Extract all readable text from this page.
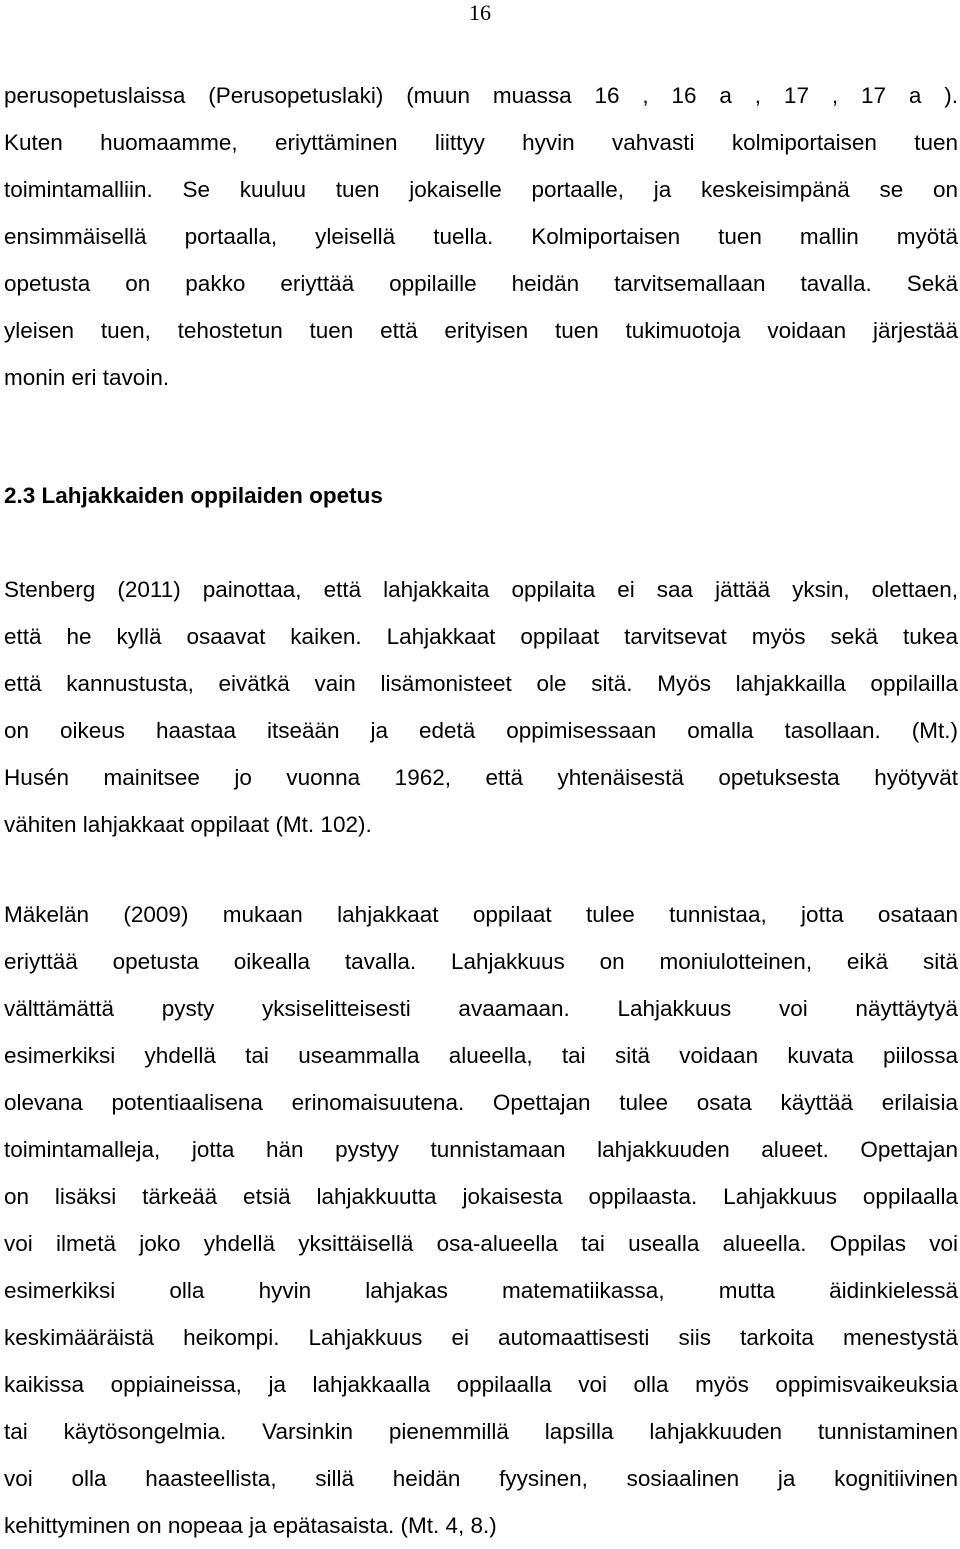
16
perusopetuslaissa (Perusopetuslaki) (muun muassa 16 , 16 a , 17 , 17 a ).
Kuten huomaamme, eriyttäminen liittyy hyvin vahvasti kolmiportaisen tuen
toimintamalliin. Se kuuluu tuen jokaiselle portaalle, ja keskeisimpänä se on
ensimmäisellä portaalla, yleisellä tuella. Kolmiportaisen tuen mallin myötä
opetusta on pakko eriyttää oppilaille heidän tarvitsemallaan tavalla. Sekä
yleisen tuen, tehostetun tuen että erityisen tuen tukimuotoja voidaan järjestää
monin eri tavoin.
2.3 Lahjakkaiden oppilaiden opetus
Stenberg (2011) painottaa, että lahjakkaita oppilaita ei saa jättää yksin, olettaen,
että he kyllä osaavat kaiken. Lahjakkaat oppilaat tarvitsevat myös sekä tukea
että kannustusta, eivätkä vain lisämonisteet ole sitä. Myös lahjakkailla oppilailla
on oikeus haastaa itseään ja edetä oppimisessaan omalla tasollaan. (Mt.)
Husén mainitsee jo vuonna 1962, että yhtenäisestä opetuksesta hyötyvät
vähiten lahjakkaat oppilaat (Mt. 102).
Mäkelän (2009) mukaan lahjakkaat oppilaat tulee tunnistaa, jotta osataan
eriyttää opetusta oikealla tavalla. Lahjakkuus on moniulotteinen, eikä sitä
välttämättä pysty yksiselitteisesti avaamaan. Lahjakkuus voi näyttäytyä
esimerkiksi yhdellä tai useammalla alueella, tai sitä voidaan kuvata piilossa
olevana potentiaalisena erinomaisuutena. Opettajan tulee osata käyttää erilaisia
toimintamalleja, jotta hän pystyy tunnistamaan lahjakkuuden alueet. Opettajan
on lisäksi tärkeää etsiä lahjakkuutta jokaisesta oppilaasta. Lahjakkuus oppilaalla
voi ilmetä joko yhdellä yksittäisellä osa-alueella tai usealla alueella. Oppilas voi
esimerkiksi olla hyvin lahjakas matematiikassa, mutta äidinkielessä
keskimääräistä heikompi. Lahjakkuus ei automaattisesti siis tarkoita menestystä
kaikissa oppiaineissa, ja lahjakkaalla oppilaalla voi olla myös oppimisvaikeuksia
tai käytösongelmia. Varsinkin pienemmillä lapsilla lahjakkuuden tunnistaminen
voi olla haasteellista, sillä heidän fyysinen, sosiaalinen ja kognitiivinen
kehittyminen on nopeaa ja epätasaista. (Mt. 4, 8.)
